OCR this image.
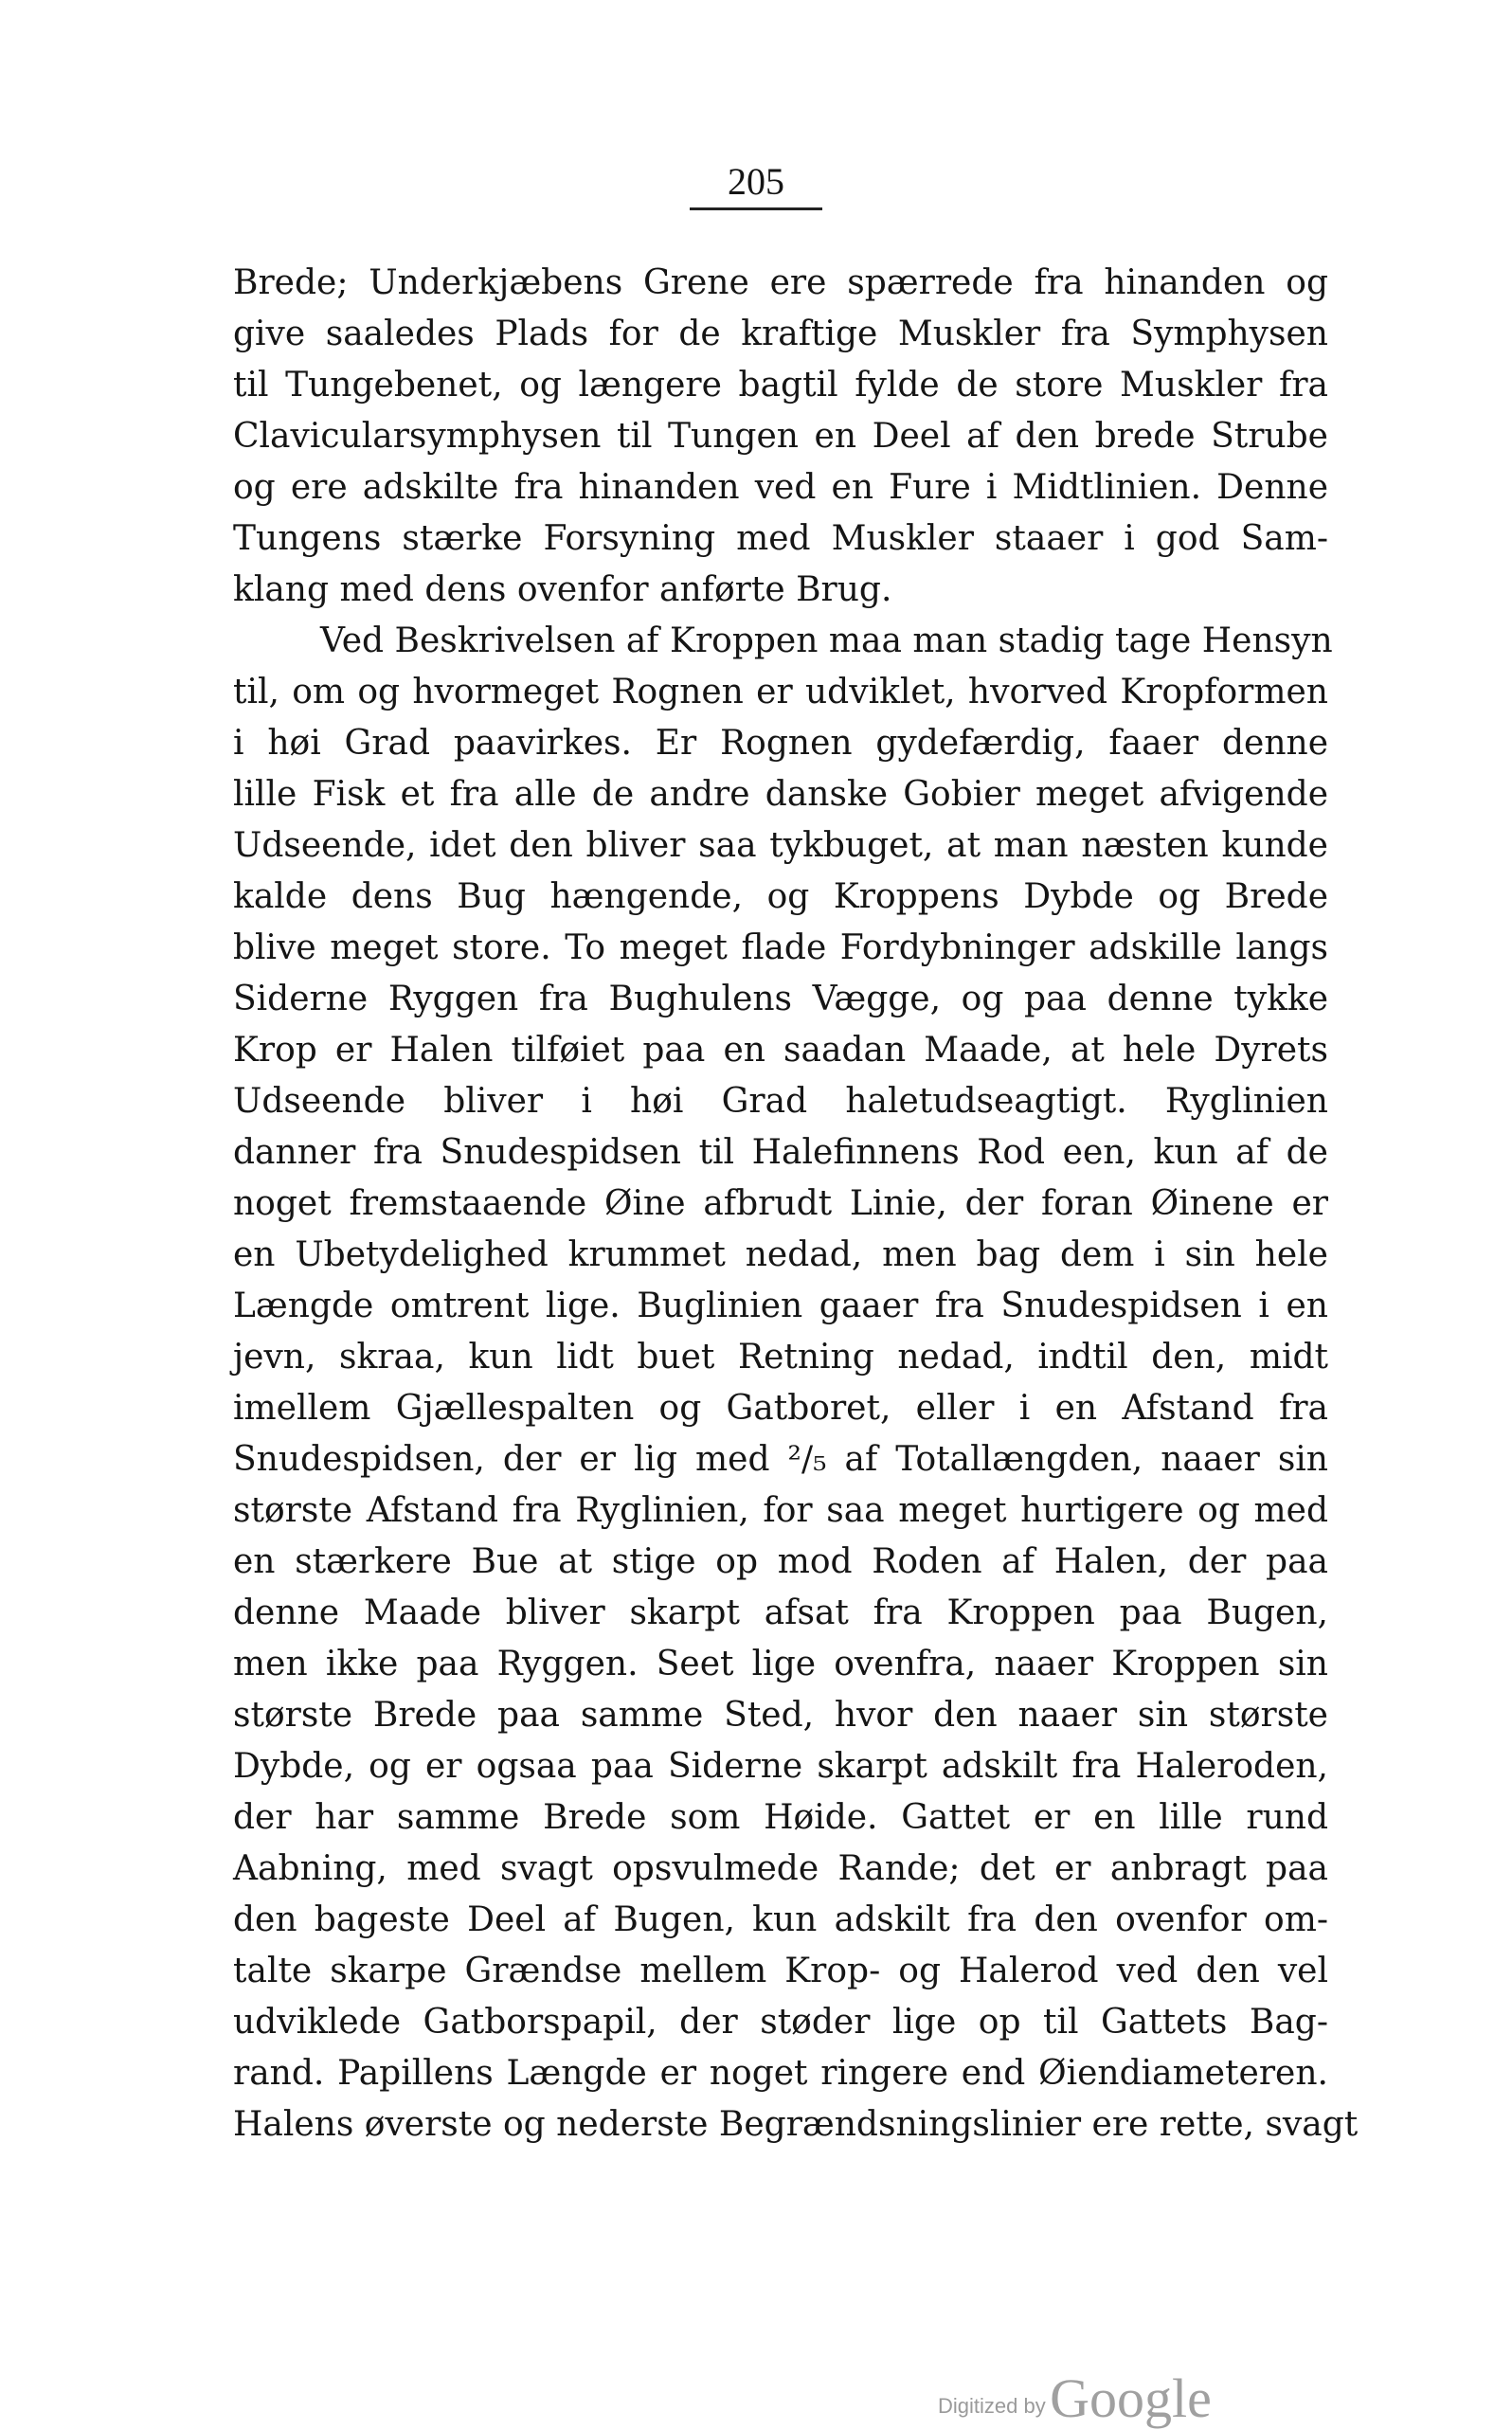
205
Brede; Underkjæbens Grene ere spærrede fra hinanden og
give saaledes Plads for de kraftige Muskler fra Symphysen
til Tungebenet, og længere bagtil fylde de store Muskler fra
Clavicularsymphysen til Tungen en Deel af den brede Strube
og ere adskilte fra hinanden ved en Fure i Midtlinien. Denne
Tungens stærke Forsyning med Muskler staaer i god Sam-
klang med dens ovenfor anførte Brug.
Ved Beskrivelsen af Kroppen maa man stadig tage Hensyn
til, om og hvormeget Rognen er udviklet, hvorved Kropformen
i høi Grad paavirkes. Er Rognen gydefærdig, faaer denne
lille Fisk et fra alle de andre danske Gobier meget afvigende
Udseende, idet den bliver saa tykbuget, at man næsten kunde
kalde dens Bug hængende, og Kroppens Dybde og Brede
blive meget store. To meget flade Fordybninger adskille langs
Siderne Ryggen fra Bughulens Vægge, og paa denne tykke
Krop er Halen tilføiet paa en saadan Maade, at hele Dyrets
Udseende bliver i høi Grad haletudseagtigt. Ryglinien
danner fra Snudespidsen til Halefinnens Rod een, kun af de
noget fremstaaende Øine afbrudt Linie, der foran Øinene er
en Ubetydelighed krummet nedad, men bag dem i sin hele
Længde omtrent lige. Buglinien gaaer fra Snudespidsen i en
jevn, skraa, kun lidt buet Retning nedad, indtil den, midt
imellem Gjællespalten og Gatboret, eller i en Afstand fra
Snudespidsen, der er lig med ²/₅ af Totallængden, naaer sin
største Afstand fra Ryglinien, for saa meget hurtigere og med
en stærkere Bue at stige op mod Roden af Halen, der paa
denne Maade bliver skarpt afsat fra Kroppen paa Bugen,
men ikke paa Ryggen. Seet lige ovenfra, naaer Kroppen sin
største Brede paa samme Sted, hvor den naaer sin største
Dybde, og er ogsaa paa Siderne skarpt adskilt fra Haleroden,
der har samme Brede som Høide. Gattet er en lille rund
Aabning, med svagt opsvulmede Rande; det er anbragt paa
den bageste Deel af Bugen, kun adskilt fra den ovenfor om-
talte skarpe Grændse mellem Krop- og Halerod ved den vel
udviklede Gatborspapil, der støder lige op til Gattets Bag-
rand. Papillens Længde er noget ringere end Øiendiameteren.
Halens øverste og nederste Begrændsningslinier ere rette, svagt
Digitized by Google
